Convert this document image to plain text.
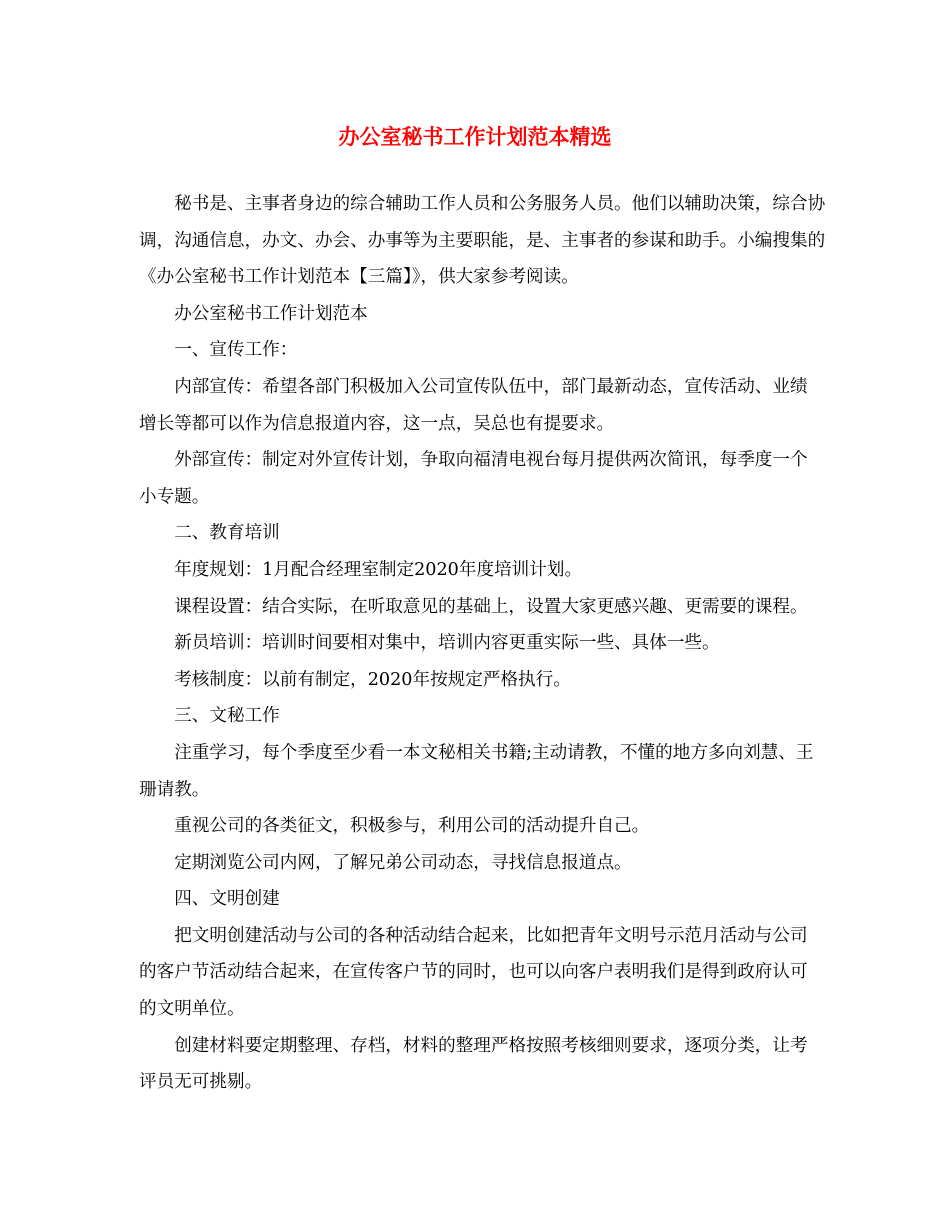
办公室秘书工作计划范本精选

秘书是、主事者身边的综合辅助工作人员和公务服务人员。他们以辅助决策，综合协调，沟通信息，办文、办会、办事等为主要职能，是、主事者的参谋和助手。小编搜集的《办公室秘书工作计划范本【三篇】》，供大家参考阅读。

办公室秘书工作计划范本

一、宣传工作：

内部宣传：希望各部门积极加入公司宣传队伍中，部门最新动态，宣传活动、业绩增长等都可以作为信息报道内容，这一点，吴总也有提要求。

外部宣传：制定对外宣传计划，争取向福清电视台每月提供两次简讯，每季度一个小专题。

二、教育培训

年度规划：1月配合经理室制定2020年度培训计划。

课程设置：结合实际，在听取意见的基础上，设置大家更感兴趣、更需要的课程。

新员培训：培训时间要相对集中，培训内容更重实际一些、具体一些。

考核制度：以前有制定，2020年按规定严格执行。

三、文秘工作

注重学习，每个季度至少看一本文秘相关书籍;主动请教，不懂的地方多向刘慧、王珊请教。

重视公司的各类征文，积极参与，利用公司的活动提升自己。

定期浏览公司内网，了解兄弟公司动态，寻找信息报道点。

四、文明创建

把文明创建活动与公司的各种活动结合起来，比如把青年文明号示范月活动与公司的客户节活动结合起来，在宣传客户节的同时，也可以向客户表明我们是得到政府认可的文明单位。

创建材料要定期整理、存档，材料的整理严格按照考核细则要求，逐项分类，让考评员无可挑剔。
